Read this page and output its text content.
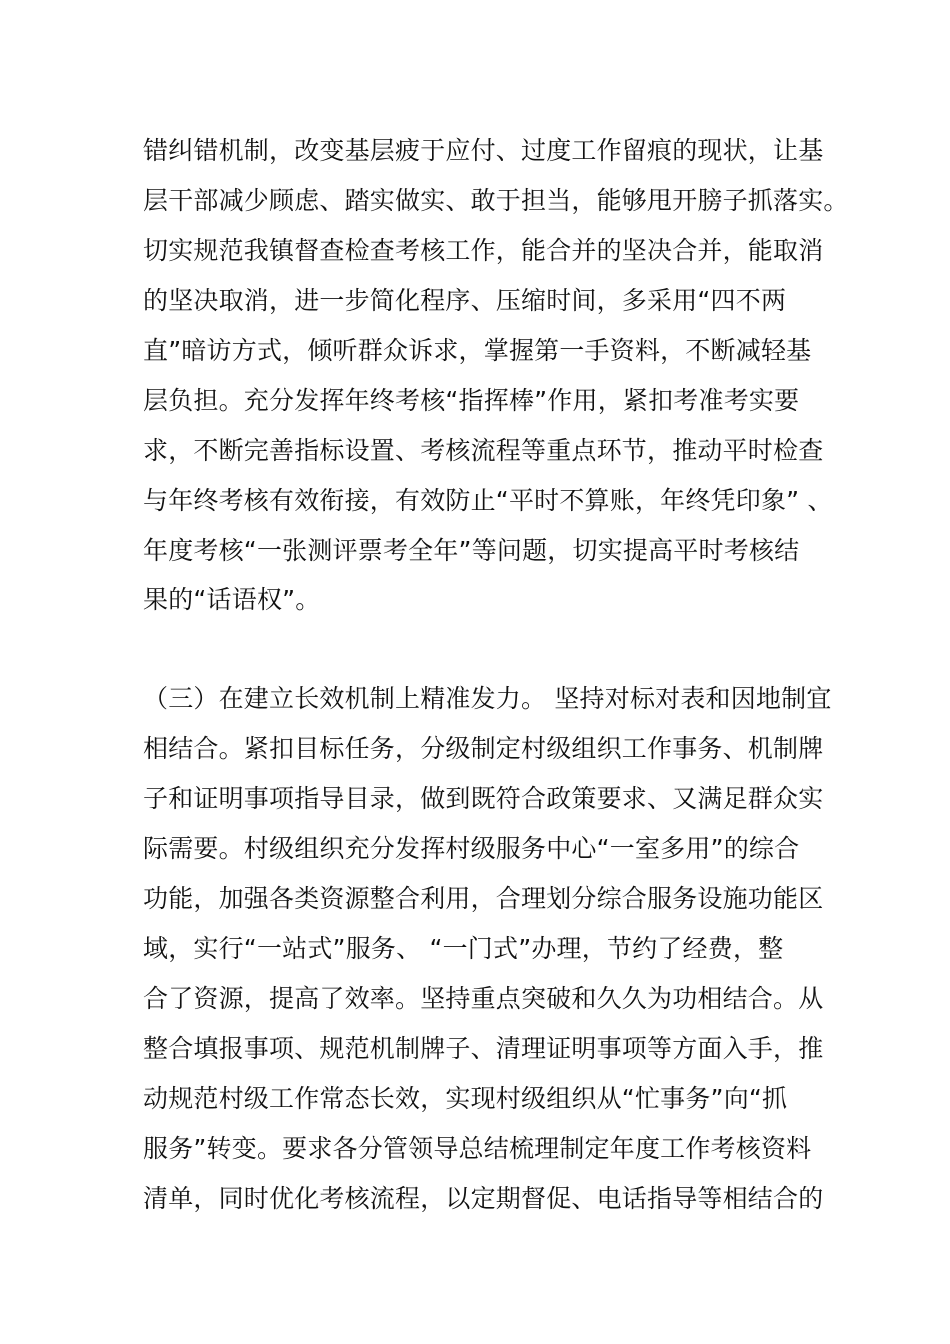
错纠错机制，改变基层疲于应付、过度工作留痕的现状，让基
层干部减少顾虑、踏实做实、敢于担当，能够甩开膀子抓落实。
切实规范我镇督查检查考核工作，能合并的坚决合并，能取消
的坚决取消，进一步简化程序、压缩时间，多采用“四不两
直”暗访方式，倾听群众诉求，掌握第一手资料，不断减轻基
层负担。充分发挥年终考核“指挥棒”作用，紧扣考准考实要
求，不断完善指标设置、考核流程等重点环节，推动平时检查
与年终考核有效衔接，有效防止“平时不算账，年终凭印象” 、
年度考核“一张测评票考全年”等问题，切实提高平时考核结
果的“话语权”。
（三）在建立长效机制上精准发力。 坚持对标对表和因地制宜
相结合。紧扣目标任务，分级制定村级组织工作事务、机制牌
子和证明事项指导目录，做到既符合政策要求、又满足群众实
际需要。村级组织充分发挥村级服务中心“一室多用”的综合
功能，加强各类资源整合利用，合理划分综合服务设施功能区
域，实行“一站式”服务、 “一门式”办理，节约了经费，整
合了资源，提高了效率。坚持重点突破和久久为功相结合。从
整合填报事项、规范机制牌子、清理证明事项等方面入手，推
动规范村级工作常态长效，实现村级组织从“忙事务”向“抓
服务”转变。要求各分管领导总结梳理制定年度工作考核资料
清单，同时优化考核流程，以定期督促、电话指导等相结合的
